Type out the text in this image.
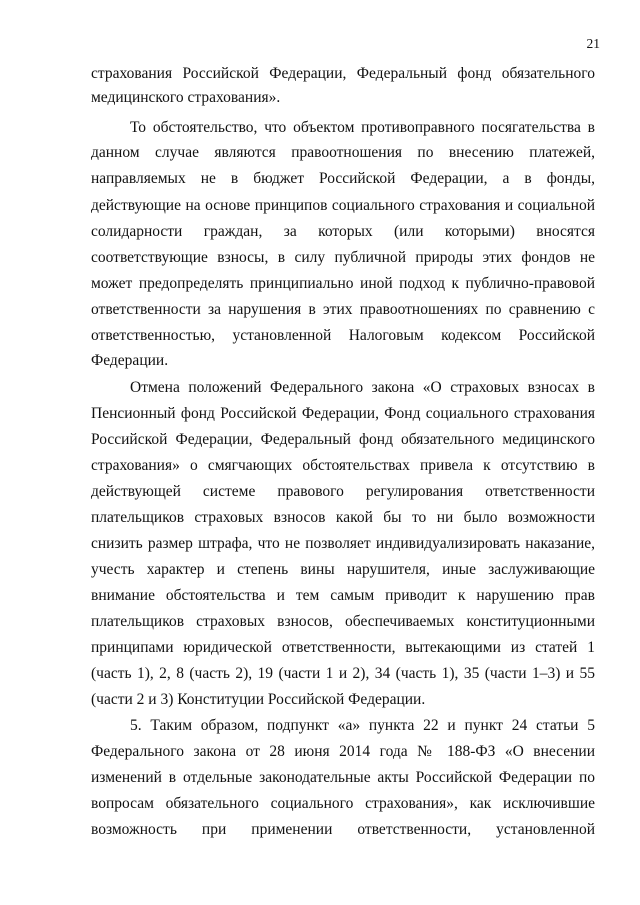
21

страхования Российской Федерации, Федеральный фонд обязательного

медицинского страхования».

То обстоятельство, что объектом противоправного посягательства в

данном случае являются правоотношения по внесению платежей,

направляемых не в бюджет Российской Федерации, а в фонды,

действующие на основе принципов социального страхования и социальной

солидарности граждан, за которых (или которыми) вносятся

соответствующие взносы, в силу публичной природы этих фондов не

может предопределять принципиально иной подход к публично-правовой

ответственности за нарушения в этих правоотношениях по сравнению с

ответственностью, установленной Налоговым кодексом Российской

Федерации.

Отмена положений Федерального закона «О страховых взносах в

Пенсионный фонд Российской Федерации, Фонд социального страхования

Российской Федерации, Федеральный фонд обязательного медицинского

страхования» о смягчающих обстоятельствах привела к отсутствию в

действующей системе правового регулирования ответственности

плательщиков страховых взносов какой бы то ни было возможности

снизить размер штрафа, что не позволяет индивидуализировать наказание,

учесть характер и степень вины нарушителя, иные заслуживающие

внимание обстоятельства и тем самым приводит к нарушению прав

плательщиков страховых взносов, обеспечиваемых конституционными

принципами юридической ответственности, вытекающими из статей 1

(часть 1), 2, 8 (часть 2), 19 (части 1 и 2), 34 (часть 1), 35 (части 1–3) и 55

(части 2 и 3) Конституции Российской Федерации.

5. Таким образом, подпункт «а» пункта 22 и пункт 24 статьи 5

Федерального закона от 28 июня 2014 года № 188-ФЗ «О внесении

изменений в отдельные законодательные акты Российской Федерации по

вопросам обязательного социального страхования», как исключившие

возможность при применении ответственности, установленной
